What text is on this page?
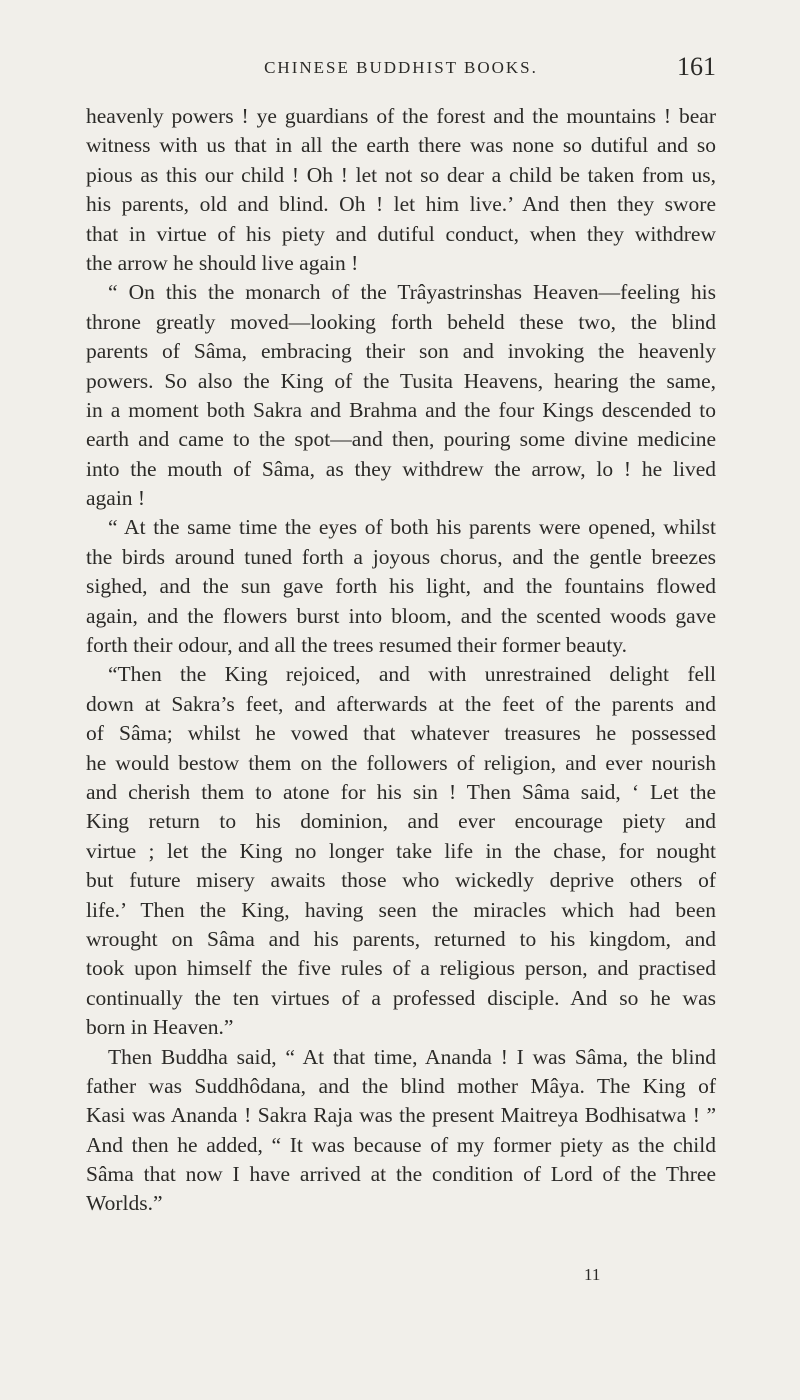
CHINESE BUDDHIST BOOKS.	161
heavenly powers ! ye guardians of the forest and the mountains ! bear
witness with us that in all the earth there was none so dutiful and so
pious as this our child ! Oh ! let not so dear a child be taken from us,
his parents, old and blind. Oh ! let him live.’ And then they swore
that in virtue of his piety and dutiful conduct, when they withdrew
the arrow he should live again !
“ On this the monarch of the Trâyastrinshas Heaven—feeling his
throne greatly moved—looking forth beheld these two, the blind
parents of Sâma, embracing their son and invoking the heavenly
powers. So also the King of the Tusita Heavens, hearing the same,
in a moment both Sakra and Brahma and the four Kings descended to
earth and came to the spot—and then, pouring some divine medicine
into the mouth of Sâma, as they withdrew the arrow, lo ! he lived
again !
“ At the same time the eyes of both his parents were opened, whilst
the birds around tuned forth a joyous chorus, and the gentle breezes
sighed, and the sun gave forth his light, and the fountains flowed
again, and the flowers burst into bloom, and the scented woods gave
forth their odour, and all the trees resumed their former beauty.
“Then the King rejoiced, and with unrestrained delight fell
down at Sakra’s feet, and afterwards at the feet of the parents and
of Sâma; whilst he vowed that whatever treasures he possessed
he would bestow them on the followers of religion, and ever nourish
and cherish them to atone for his sin ! Then Sâma said, ‘ Let the
King return to his dominion, and ever encourage piety and
virtue ; let the King no longer take life in the chase, for nought
but future misery awaits those who wickedly deprive others of
life.’ Then the King, having seen the miracles which had been
wrought on Sâma and his parents, returned to his kingdom, and
took upon himself the five rules of a religious person, and practised
continually the ten virtues of a professed disciple. And so he was
born in Heaven.”
Then Buddha said, “ At that time, Ananda ! I was Sâma, the blind
father was Suddhôdana, and the blind mother Mâya. The King of
Kasi was Ananda ! Sakra Raja was the present Maitreya Bodhisatwa ! ”
And then he added, “ It was because of my former piety as the child
Sâma that now I have arrived at the condition of Lord of the Three
Worlds.”
11
